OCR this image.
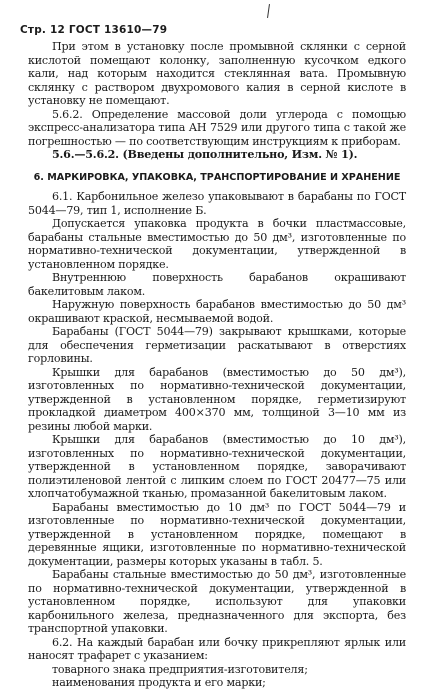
Стр. 12 ГОСТ 13610—79

При этом в установку после промывной склянки с серной кислотой помещают колонку, заполненную кусочком едкого кали, над которым находится стеклянная вата. Промывную склянку с раствором двухромового калия в серной кислоте в установку не помещают.

5.6.2. Определение массовой доли углерода с помощью экспресс-анализатора типа АН 7529 или другого типа с такой же погрешностью — по соответствующим инструкциям к приборам.

5.6.—5.6.2. (Введены дополнительно, Изм. № 1).

6. МАРКИРОВКА, УПАКОВКА, ТРАНСПОРТИРОВАНИЕ И ХРАНЕНИЕ

6.1. Карбонильное железо упаковывают в барабаны по ГОСТ 5044—79, тип 1, исполнение Б.

Допускается упаковка продукта в бочки пластмассовые, барабаны стальные вместимостью до 50 дм³, изготовленные по нормативно-технической документации, утвержденной в установленном порядке.

Внутреннюю поверхность барабанов окрашивают бакелитовым лаком.

Наружную поверхность барабанов вместимостью до 50 дм³ окрашивают краской, несмываемой водой.

Барабаны (ГОСТ 5044—79) закрывают крышками, которые для обеспечения герметизации раскатывают в отверстиях горловины.

Крышки для барабанов (вместимостью до 50 дм³), изготовленных по нормативно-технической документации, утвержденной в установленном порядке, герметизируют прокладкой диаметром 400×370 мм, толщиной 3—10 мм из резины любой марки.

Крышки для барабанов (вместимостью до 10 дм³), изготовленных по нормативно-технической документации, утвержденной в установленном порядке, заворачивают полиэтиленовой лентой с липким слоем по ГОСТ 20477—75 или хлопчатобумажной тканью, промазанной бакелитовым лаком.

Барабаны вместимостью до 10 дм³ по ГОСТ 5044—79 и изготовленные по нормативно-технической документации, утвержденной в установленном порядке, помещают в деревянные ящики, изготовленные по нормативно-технической документации, размеры которых указаны в табл. 5.

Барабаны стальные вместимостью до 50 дм³, изготовленные по нормативно-технической документации, утвержденной в установленном порядке, используют для упаковки карбонильного железа, предназначенного для экспорта, без транспортной упаковки.

6.2. На каждый барабан или бочку прикрепляют ярлык или наносят трафарет с указанием:

товарного знака предприятия-изготовителя;

наименования продукта и его марки;
